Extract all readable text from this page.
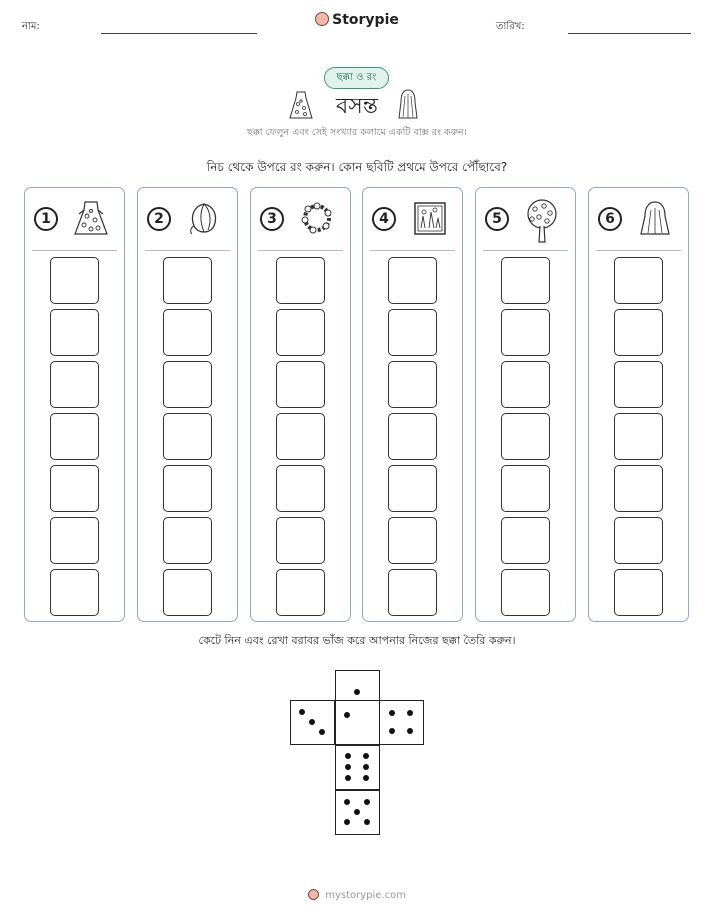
নাম:	Storypie	তারিখ:
ছক্কা ও রং
বসন্ত
ছক্কা ফেলুন এবং সেই সংখ্যার কলামে একটি বাক্স রং করুন।
নিচ থেকে উপরে রং করুন। কোন ছবিটি প্রথমে উপরে পৌঁছাবে?
1	2	3	4	5	6
কেটে নিন এবং রেখা বরাবর ভাঁজ করে আপনার নিজের ছক্কা তৈরি করুন।
mystorypie.com
